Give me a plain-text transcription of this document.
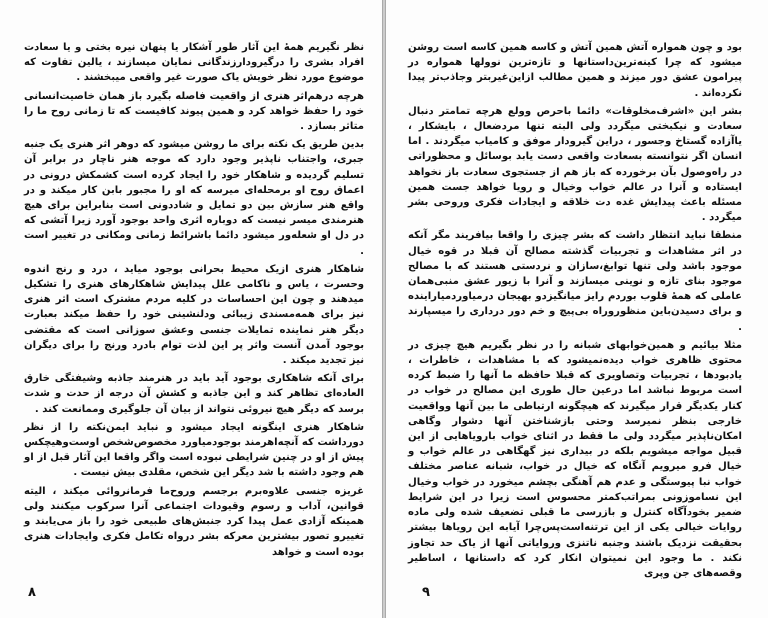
نظر نگیریم همۀ این آثار طور آشکار یا پنهان نیره بختی و یا سعادت افراد بشری را درگیرودارزندگانی نمایان میسازند ، یالین تفاوت که موضوع مورد نظر خویش یاک صورت غیر واقعی میبخشند .

هرچه درهم‌اثر هنری از واقعیت فاصله بگیرد باز همان خاصیت‌انسانی خود را حفظ خواهد کرد و همین پیوند کافیست که تا زمانی روح ما را متاثر بسازد .

بدین طریق یک نکته برای ما روشن میشود که دوهر اثر هنری یک جنبه جبری، واجتناب ناپذیر وجود دارد که موجه هنر ناچار در برابر آن تسلیم گردیده و شاهکار خود را ایجاد کرده است کشمکش درونی در اعماق روح او برمحله‌ای میرسه که او را مجبور بابن کار میکند و در واقع هنر سازش بین دو تمایل و شاددونی است بنابراین برای هیچ هنرمندی میسر نیست که دوباره اثری واحد بوجود آورد زیرا آتشی که در دل او شعله‌ور میشود دائما باشرائط زمانی ومکانی در تغییر است .

شاهکار هنری ازیک محیط بحرانی بوجود میاید ، درد و رنج اندوه وحسرت ، یاس و ناکامی علل پیدایش شاهکارهای هنری را تشکیل میدهند و چون این احساسات در کلیه مردم مشترک است اثر هنری نیز برای همه‌مسندی زیبائی ودلنشینی خود را حفظ میکند بعبارت دیگر هنر نماینده تمایلات جنسی وعشق سوزانی است که مقتضی بوجود آمدن آنست واثر پر این لذت توام بادرد ورنج را برای دیگران نیز تجدید میکند .

برای آنکه شاهکاری بوجود آید باید در هنرمند جاذبه وشیفتگی خارق العاده‌ای تظاهر کند و این جاذبه و کشش آن درجه از حدت و شدت برسد که دیگر هیچ نیروئی نتواند از بیان آن جلوگیری وممانعت کند .

شاهکار هنری اینگونه ایجاد میشود و نباید ایمن‌نکته را از نظر دورداشت که آنچه‌اهرمند بوجودمیاورد مخصوص‌شخص اوست‌وهیچکس پیش از او در چنین شرایطی نبوده است واگر واقعا این آثار قبل از او هم وجود داشته با شد دیگر این شخص، مقلدی بیش نیست .

غریزه جنسی علاوه‌برم برجسم وروح‌ما فرمانروائی میکند ، الیته قوانین، آداب و رسوم وقیودات اجتماعی آنرا سرکوب میکنند ولی همینکه آزادی عمل پیدا کرد جنبش‌های طبیعی خود را باز می‌یابند و تغییر‌و‌ تصور بیشترین معرکه بشر درواه تکامل فکری وایجادات هنری بوده است و خواهد

۸

بود و چون همواره آتش همین آتش و کاسه همین کاسه است روشن میشود که چرا کینه‌ترین‌داستانها و تازه‌ترین نوولها همواره در پیرامون عشق دور میزند و همین مطالب ازاین‌غیربتر وجاذب‌تر پیدا نکرده‌اند .

بشر این «اشرف‌مخلوقات» دائما باحرص وولع هرچه تمامتر دنبال سعادت و نیکبختی میگردد ولی البته تنها مردضعال ، بایشکار ، یاآزاده گستاخ وجسور ، دراین گیرودار موفق و کامیاب میگردند . اما انسان اگر نتوانسته بسعادت واقعی دست یابد بوسائل و محظوراتی در راه‌وصول بآن برخورده که باز هم از جستجوی سعادت باز نخواهد ایستاده و آنرا در عالم خواب وخیال و رویا خواهد جست همین مسئله باعث پیدایش غده دت خلاقه و ایجادات فکری وروحی بشر میگردد .

منطقا نباید انتظار داشت که بشر چیزی را واقعا بیافریند مگر آنکه در اثر مشاهدات و تجربیات گذشته مصالح آن قبلا در قوه خیال موجود باشد ولی تنها توابغ،سازان و نردستی هستند که با مصالح موجود بنای تازه و نوینی میسازند و آنرا با زیور عشق منبی‌همان عاملی که همۀ قلوب بوردم رایز میانگیزدو بهیجان درمیاوردمیاراینده و برای دسیدن‌باین منظوروراه بی‌پیچ و خم دور درداری را میسپارند .

مثلا بیائیم و همین‌خوابهای شبانه را در نظر بگیریم هیچ چیزی در محتوی ظاهری خواب دیده‌نمیشود که با مشاهدات ، خاطرات ، یادبودها ، تجربیات وتصاویری که قبلا حافظه ما آنها را ضبط کرده است مربوط نباشد اما درعین حال طوری این مصالح در خواب در کنار یکدیگر قرار میگیرند که هیچگونه ارتباطی ما بین آنها وواقعیت خارجی بنظر نمیرسد وحتی بازشناختن آنها دشوار وگاهی امکان‌ناپذیر میگردد ولی ما فقط در اثنای خواب بارویاهایی از این قبیل مواجه میشویم بلکه در بیداری نیز گهگاهی در عالم خواب و خیال فرو میرویم آنگاه که خیال در خواب، شبانه عناصر مختلف خواب نبا پیوستگی و عدم هم آهنگی بچشم میخورد در خواب وخیال این نساموزونی بمراتب‌کمتر محسوس است زیرا در این شرایط ضمیر بخودآگاه کنترل و بازرسی ما قبلی تضعیف شده ولی ماده روایات خیالی یکی از این ترتنه‌است‌پس‌چرا آیابه این رویاها بیشتر بحقیقت نزدیک باشند وجنبه ناتنزی وروایاتی آنها از یاک حد تجاوز نکند . ما وجود این نمیتوان انکار کرد که داستانها ، اساطیر وقصه‌های جن وپری

۹
